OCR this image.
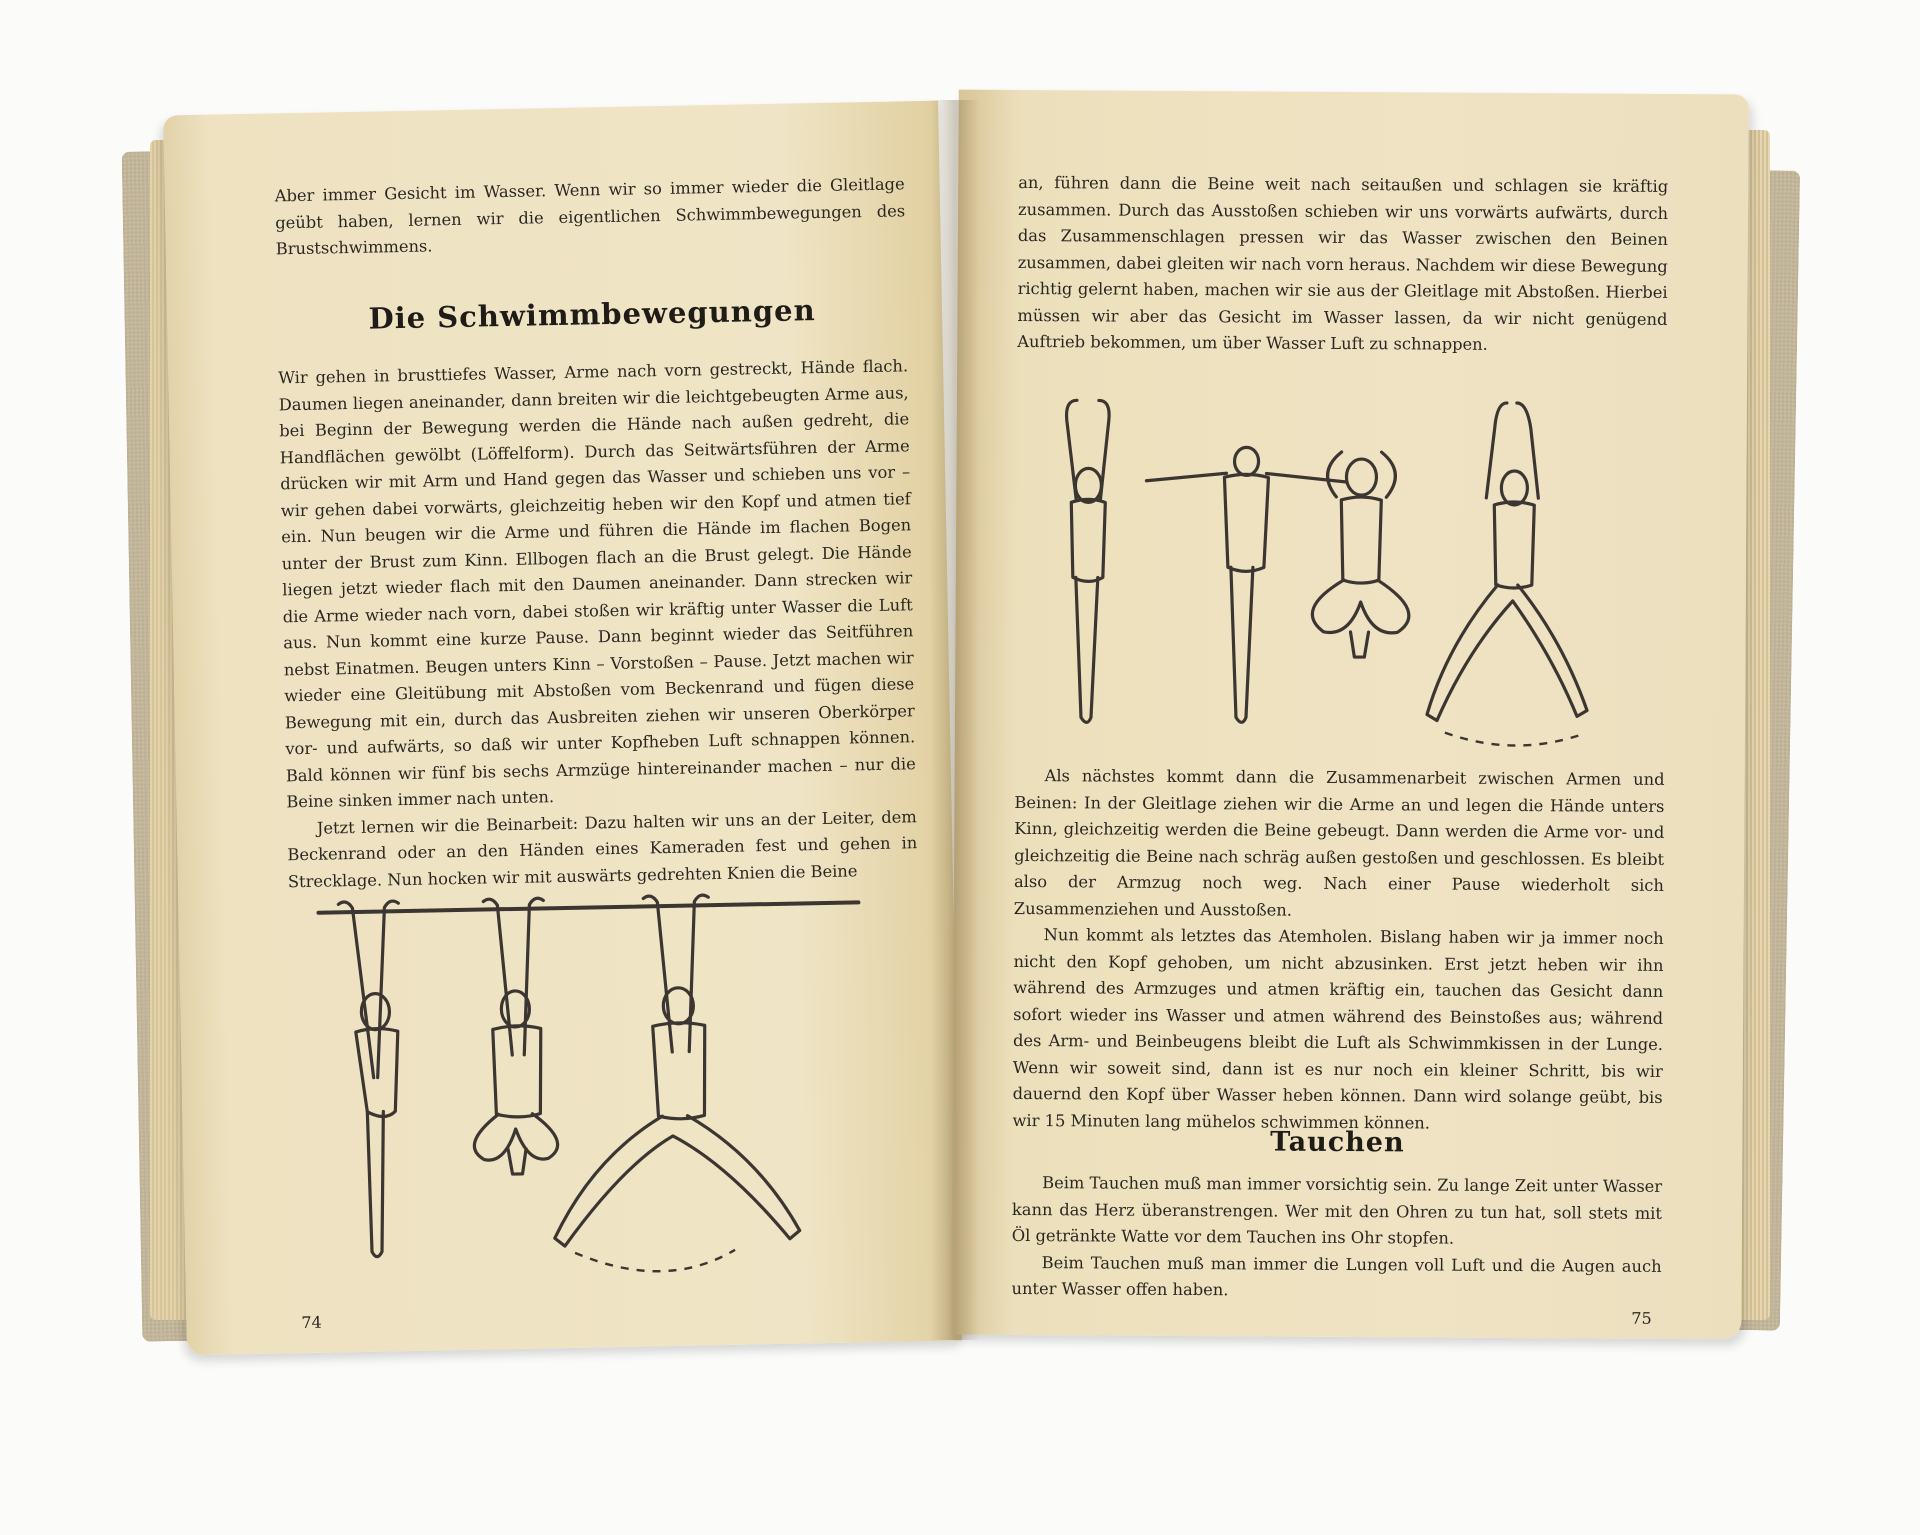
Aber immer Gesicht im Wasser. Wenn wir so immer wieder die Gleitlage geübt haben, lernen wir die eigentlichen Schwimmbewegungen des Brustschwimmens.

Die Schwimmbewegungen

Wir gehen in brusttiefes Wasser, Arme nach vorn gestreckt, Hände flach. Daumen liegen aneinander, dann breiten wir die leichtgebeugten Arme aus, bei Beginn der Bewegung werden die Hände nach außen gedreht, die Handflächen gewölbt (Löffelform). Durch das Seitwärtsführen der Arme drücken wir mit Arm und Hand gegen das Wasser und schieben uns vor – wir gehen dabei vorwärts, gleichzeitig heben wir den Kopf und atmen tief ein. Nun beugen wir die Arme und führen die Hände im flachen Bogen unter der Brust zum Kinn. Ellbogen flach an die Brust gelegt. Die Hände liegen jetzt wieder flach mit den Daumen aneinander. Dann strecken wir die Arme wieder nach vorn, dabei stoßen wir kräftig unter Wasser die Luft aus. Nun kommt eine kurze Pause. Dann beginnt wieder das Seitführen nebst Einatmen. Beugen unters Kinn – Vorstoßen – Pause. Jetzt machen wir wieder eine Gleitübung mit Abstoßen vom Beckenrand und fügen diese Bewegung mit ein, durch das Ausbreiten ziehen wir unseren Oberkörper vor- und aufwärts, so daß wir unter Kopfheben Luft schnappen können. Bald können wir fünf bis sechs Armzüge hintereinander machen – nur die Beine sinken immer nach unten.

Jetzt lernen wir die Beinarbeit: Dazu halten wir uns an der Leiter, dem Beckenrand oder an den Händen eines Kameraden fest und gehen in Strecklage. Nun hocken wir mit auswärts gedrehten Knien die Beine

74

an, führen dann die Beine weit nach seitaußen und schlagen sie kräftig zusammen. Durch das Ausstoßen schieben wir uns vorwärts aufwärts, durch das Zusammenschlagen pressen wir das Wasser zwischen den Beinen zusammen, dabei gleiten wir nach vorn heraus. Nachdem wir diese Bewegung richtig gelernt haben, machen wir sie aus der Gleitlage mit Abstoßen. Hierbei müssen wir aber das Gesicht im Wasser lassen, da wir nicht genügend Auftrieb bekommen, um über Wasser Luft zu schnappen.

Als nächstes kommt dann die Zusammenarbeit zwischen Armen und Beinen: In der Gleitlage ziehen wir die Arme an und legen die Hände unters Kinn, gleichzeitig werden die Beine gebeugt. Dann werden die Arme vor- und gleichzeitig die Beine nach schräg außen gestoßen und geschlossen. Es bleibt also der Armzug noch weg. Nach einer Pause wiederholt sich Zusammenziehen und Ausstoßen.

Nun kommt als letztes das Atemholen. Bislang haben wir ja immer noch nicht den Kopf gehoben, um nicht abzusinken. Erst jetzt heben wir ihn während des Armzuges und atmen kräftig ein, tauchen das Gesicht dann sofort wieder ins Wasser und atmen während des Beinstoßes aus; während des Arm- und Beinbeugens bleibt die Luft als Schwimmkissen in der Lunge. Wenn wir soweit sind, dann ist es nur noch ein kleiner Schritt, bis wir dauernd den Kopf über Wasser heben können. Dann wird solange geübt, bis wir 15 Minuten lang mühelos schwimmen können.

Tauchen

Beim Tauchen muß man immer vorsichtig sein. Zu lange Zeit unter Wasser kann das Herz überanstrengen. Wer mit den Ohren zu tun hat, soll stets mit Öl getränkte Watte vor dem Tauchen ins Ohr stopfen.

Beim Tauchen muß man immer die Lungen voll Luft und die Augen auch unter Wasser offen haben.

75
